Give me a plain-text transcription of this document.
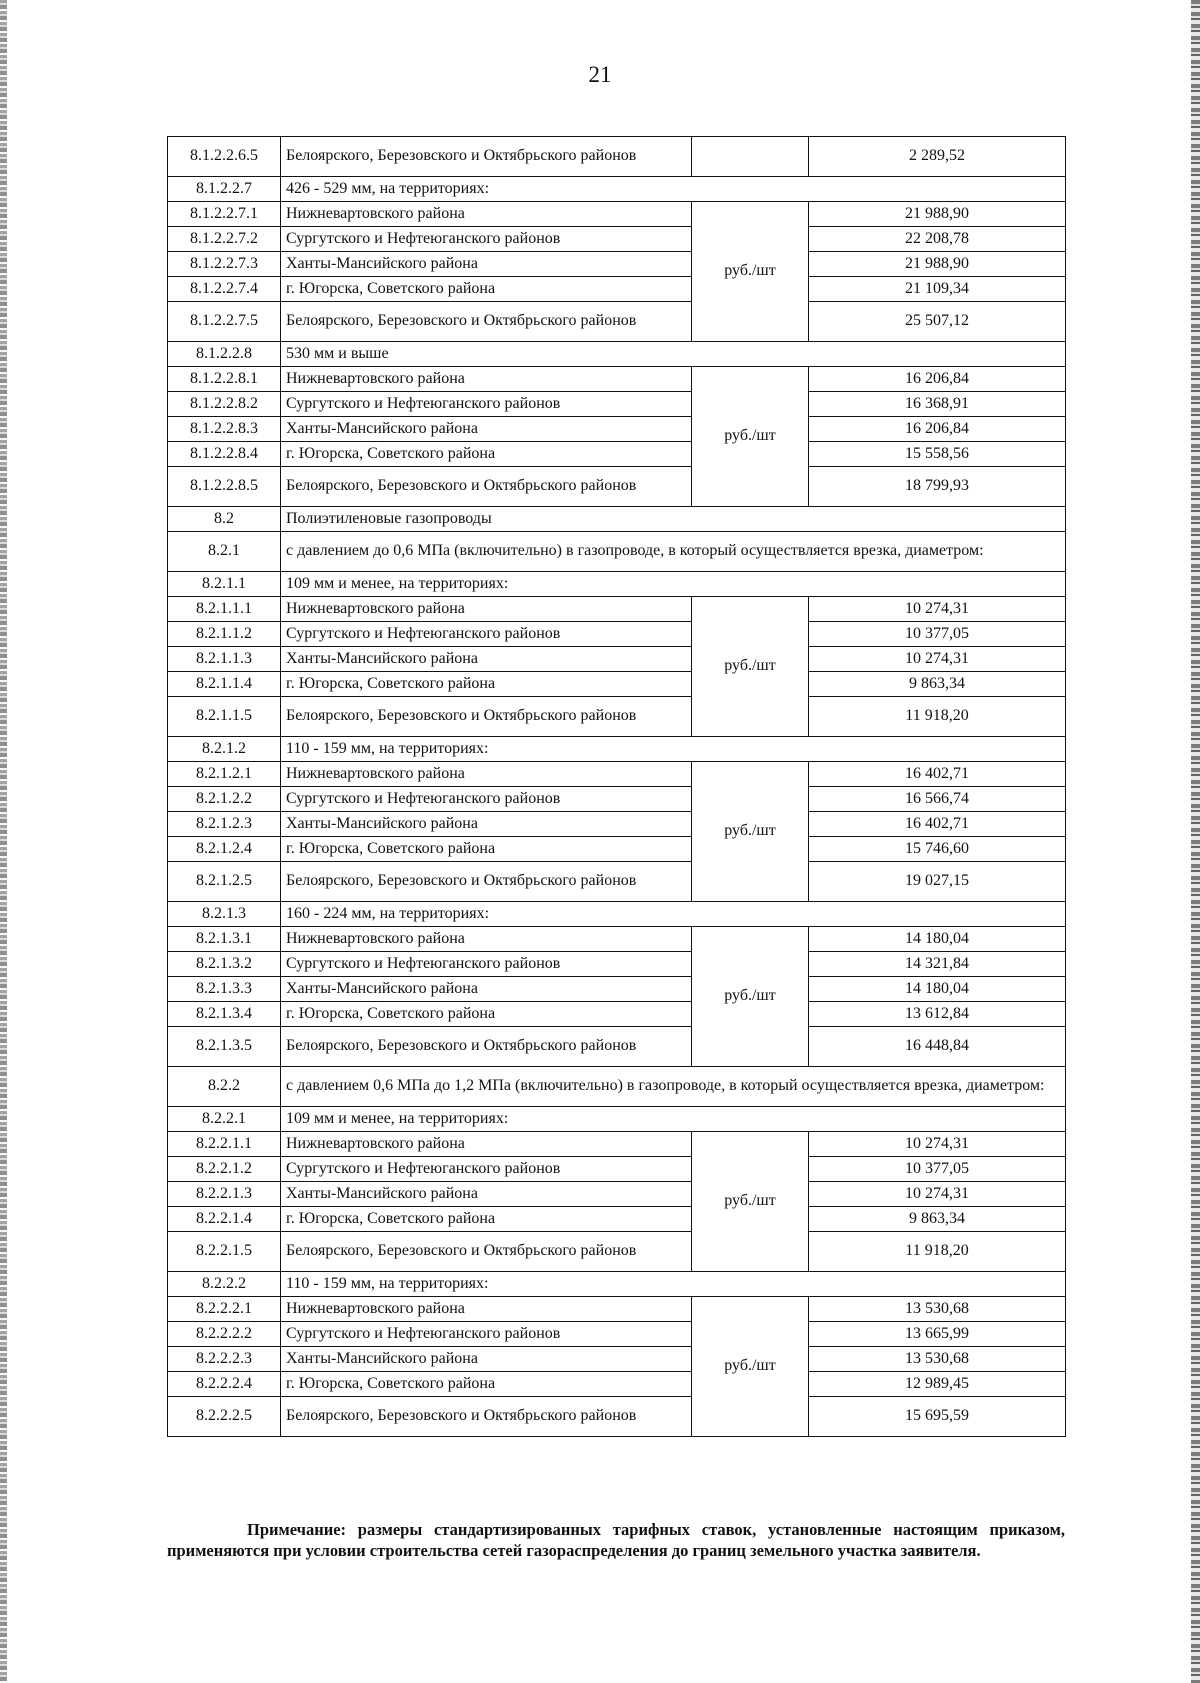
21
8.1.2.2.6.5	Белоярского, Березовского и Октябрьского районов		2 289,52
8.1.2.2.7	426 - 529 мм, на территориях:		
8.1.2.2.7.1	Нижневартовского района	руб./шт	21 988,90
8.1.2.2.7.2	Сургутского и Нефтеюганского районов		22 208,78
8.1.2.2.7.3	Ханты-Мансийского района		21 988,90
8.1.2.2.7.4	г. Югорска, Советского района		21 109,34
8.1.2.2.7.5	Белоярского, Березовского и Октябрьского районов		25 507,12
8.1.2.2.8	530 мм и выше		
8.1.2.2.8.1	Нижневартовского района	руб./шт	16 206,84
8.1.2.2.8.2	Сургутского и Нефтеюганского районов		16 368,91
8.1.2.2.8.3	Ханты-Мансийского района		16 206,84
8.1.2.2.8.4	г. Югорска, Советского района		15 558,56
8.1.2.2.8.5	Белоярского, Березовского и Октябрьского районов		18 799,93
8.2	Полиэтиленовые газопроводы		
8.2.1	с давлением до 0,6 МПа (включительно) в газопроводе, в который осуществляется врезка, диаметром:		
8.2.1.1	109 мм и менее, на территориях:		
8.2.1.1.1	Нижневартовского района	руб./шт	10 274,31
8.2.1.1.2	Сургутского и Нефтеюганского районов		10 377,05
8.2.1.1.3	Ханты-Мансийского района		10 274,31
8.2.1.1.4	г. Югорска, Советского района		9 863,34
8.2.1.1.5	Белоярского, Березовского и Октябрьского районов		11 918,20
8.2.1.2	110 - 159 мм, на территориях:		
8.2.1.2.1	Нижневартовского района	руб./шт	16 402,71
8.2.1.2.2	Сургутского и Нефтеюганского районов		16 566,74
8.2.1.2.3	Ханты-Мансийского района		16 402,71
8.2.1.2.4	г. Югорска, Советского района		15 746,60
8.2.1.2.5	Белоярского, Березовского и Октябрьского районов		19 027,15
8.2.1.3	160 - 224 мм, на территориях:		
8.2.1.3.1	Нижневартовского района	руб./шт	14 180,04
8.2.1.3.2	Сургутского и Нефтеюганского районов		14 321,84
8.2.1.3.3	Ханты-Мансийского района		14 180,04
8.2.1.3.4	г. Югорска, Советского района		13 612,84
8.2.1.3.5	Белоярского, Березовского и Октябрьского районов		16 448,84
8.2.2	с давлением 0,6 МПа до 1,2 МПа (включительно) в газопроводе, в который осуществляется врезка, диаметром:		
8.2.2.1	109 мм и менее, на территориях:		
8.2.2.1.1	Нижневартовского района	руб./шт	10 274,31
8.2.2.1.2	Сургутского и Нефтеюганского районов		10 377,05
8.2.2.1.3	Ханты-Мансийского района		10 274,31
8.2.2.1.4	г. Югорска, Советского района		9 863,34
8.2.2.1.5	Белоярского, Березовского и Октябрьского районов		11 918,20
8.2.2.2	110 - 159 мм, на территориях:		
8.2.2.2.1	Нижневартовского района	руб./шт	13 530,68
8.2.2.2.2	Сургутского и Нефтеюганского районов		13 665,99
8.2.2.2.3	Ханты-Мансийского района		13 530,68
8.2.2.2.4	г. Югорска, Советского района		12 989,45
8.2.2.2.5	Белоярского, Березовского и Октябрьского районов		15 695,59
Примечание: размеры стандартизированных тарифных ставок, установленные настоящим приказом, применяются при условии строительства сетей газораспределения до границ земельного участка заявителя.
